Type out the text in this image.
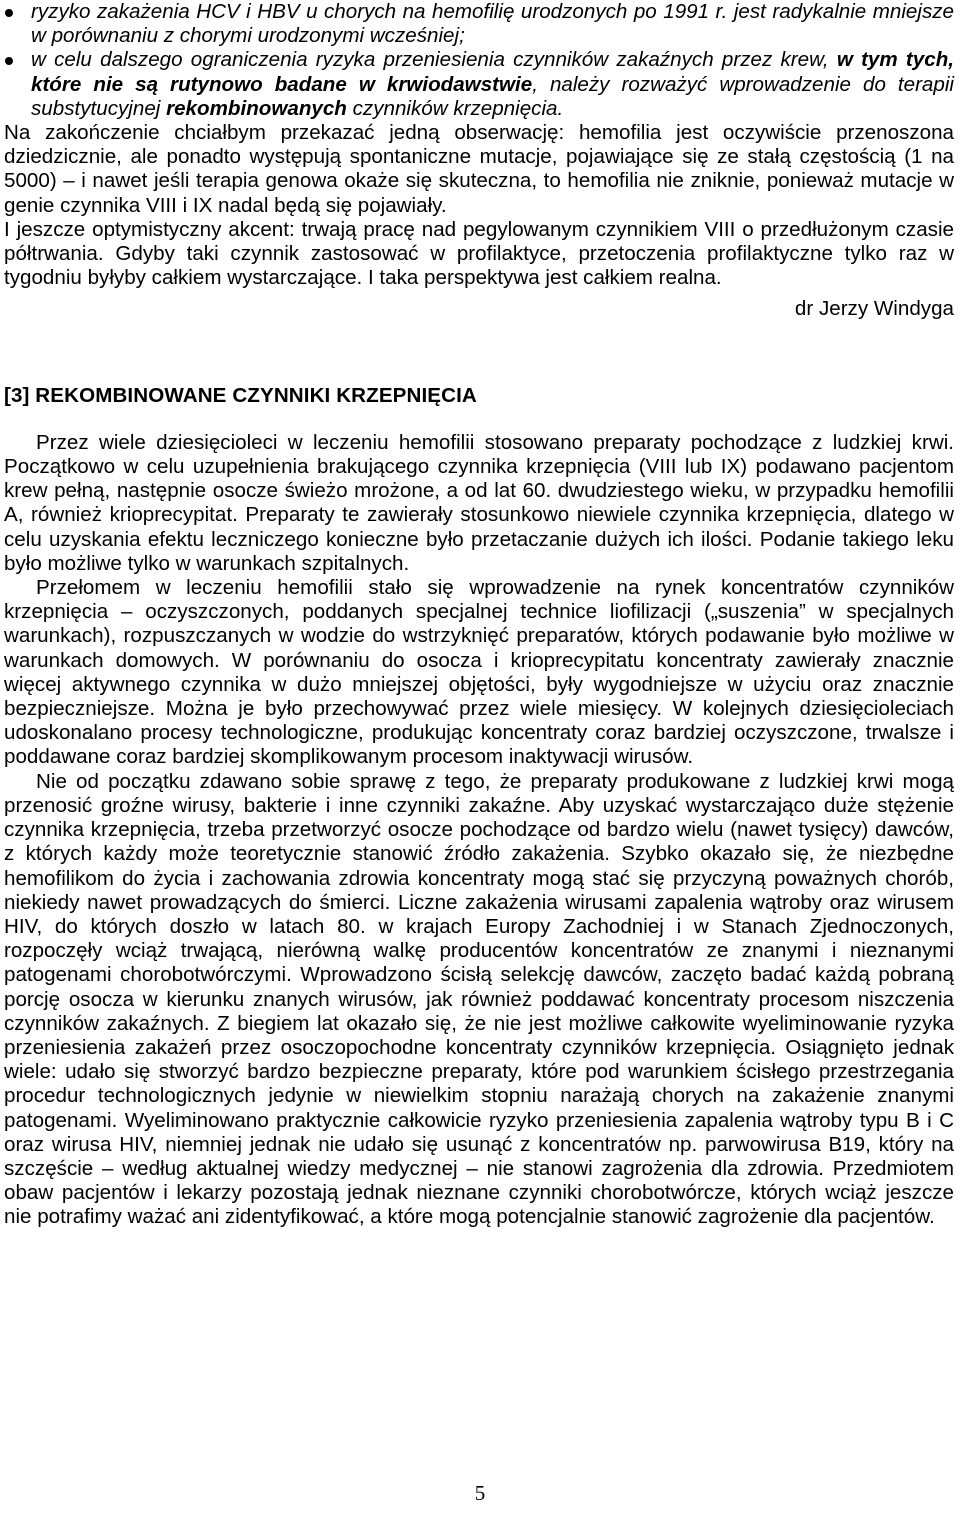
ryzyko zakażenia HCV i HBV u chorych na hemofilię urodzonych po 1991 r. jest radykalnie mniejsze w porównaniu z chorymi urodzonymi wcześniej;
w celu dalszego ograniczenia ryzyka przeniesienia czynników zakaźnych przez krew, w tym tych, które nie są rutynowo badane w krwiodawstwie, należy rozważyć wprowadzenie do terapii substytucyjnej rekombinowanych czynników krzepnięcia.

Na zakończenie chciałbym przekazać jedną obserwację: hemofilia jest oczywiście przenoszona dziedzicznie, ale ponadto występują spontaniczne mutacje, pojawiające się ze stałą częstością (1 na 5000) – i nawet jeśli terapia genowa okaże się skuteczna, to hemofilia nie zniknie, ponieważ mutacje w genie czynnika VIII i IX nadal będą się pojawiały.

I jeszcze optymistyczny akcent: trwają pracę nad pegylowanym czynnikiem VIII o przedłużonym czasie półtrwania. Gdyby taki czynnik zastosować w profilaktyce, przetoczenia profilaktyczne tylko raz w tygodniu byłyby całkiem wystarczające. I taka perspektywa jest całkiem realna.

dr Jerzy Windyga
[3] REKOMBINOWANE CZYNNIKI KRZEPNIĘCIA

Przez wiele dziesięcioleci w leczeniu hemofilii stosowano preparaty pochodzące z ludzkiej krwi. Początkowo w celu uzupełnienia brakującego czynnika krzepnięcia (VIII lub IX) podawano pacjentom krew pełną, następnie osocze świeżo mrożone, a od lat 60. dwudziestego wieku, w przypadku hemofilii A, również krioprecypitat. Preparaty te zawierały stosunkowo niewiele czynnika krzepnięcia, dlatego w celu uzyskania efektu leczniczego konieczne było przetaczanie dużych ich ilości. Podanie takiego leku było możliwe tylko w warunkach szpitalnych.

Przełomem w leczeniu hemofilii stało się wprowadzenie na rynek koncentratów czynników krzepnięcia – oczyszczonych, poddanych specjalnej technice liofilizacji („suszenia” w specjalnych warunkach), rozpuszczanych w wodzie do wstrzyknięć preparatów, których podawanie było możliwe w warunkach domowych. W porównaniu do osocza i krioprecypitatu koncentraty zawierały znacznie więcej aktywnego czynnika w dużo mniejszej objętości, były wygodniejsze w użyciu oraz znacznie bezpieczniejsze. Można je było przechowywać przez wiele miesięcy. W kolejnych dziesięcioleciach udoskonalano procesy technologiczne, produkując koncentraty coraz bardziej oczyszczone, trwalsze i poddawane coraz bardziej skomplikowanym procesom inaktywacji wirusów.

Nie od początku zdawano sobie sprawę z tego, że preparaty produkowane z ludzkiej krwi mogą przenosić groźne wirusy, bakterie i inne czynniki zakaźne. Aby uzyskać wystarczająco duże stężenie czynnika krzepnięcia, trzeba przetworzyć osocze pochodzące od bardzo wielu (nawet tysięcy) dawców, z których każdy może teoretycznie stanowić źródło zakażenia. Szybko okazało się, że niezbędne hemofilikom do życia i zachowania zdrowia koncentraty mogą stać się przyczyną poważnych chorób, niekiedy nawet prowadzących do śmierci. Liczne zakażenia wirusami zapalenia wątroby oraz wirusem HIV, do których doszło w latach 80. w krajach Europy Zachodniej i w Stanach Zjednoczonych, rozpoczęły wciąż trwającą, nierówną walkę producentów koncentratów ze znanymi i nieznanymi patogenami chorobotwórczymi. Wprowadzono ścisłą selekcję dawców, zaczęto badać każdą pobraną porcję osocza w kierunku znanych wirusów, jak również poddawać koncentraty procesom niszczenia czynników zakaźnych. Z biegiem lat okazało się, że nie jest możliwe całkowite wyeliminowanie ryzyka przeniesienia zakażeń przez osoczopochodne koncentraty czynników krzepnięcia. Osiągnięto jednak wiele: udało się stworzyć bardzo bezpieczne preparaty, które pod warunkiem ścisłego przestrzegania procedur technologicznych jedynie w niewielkim stopniu narażają chorych na zakażenie znanymi patogenami. Wyeliminowano praktycznie całkowicie ryzyko przeniesienia zapalenia wątroby typu B i C oraz wirusa HIV, niemniej jednak nie udało się usunąć z koncentratów np. parwowirusa B19, który na szczęście – według aktualnej wiedzy medycznej – nie stanowi zagrożenia dla zdrowia. Przedmiotem obaw pacjentów i lekarzy pozostają jednak nieznane czynniki chorobotwórcze, których wciąż jeszcze nie potrafimy ważać ani zidentyfikować, a które mogą potencjalnie stanowić zagrożenie dla pacjentów.

5
